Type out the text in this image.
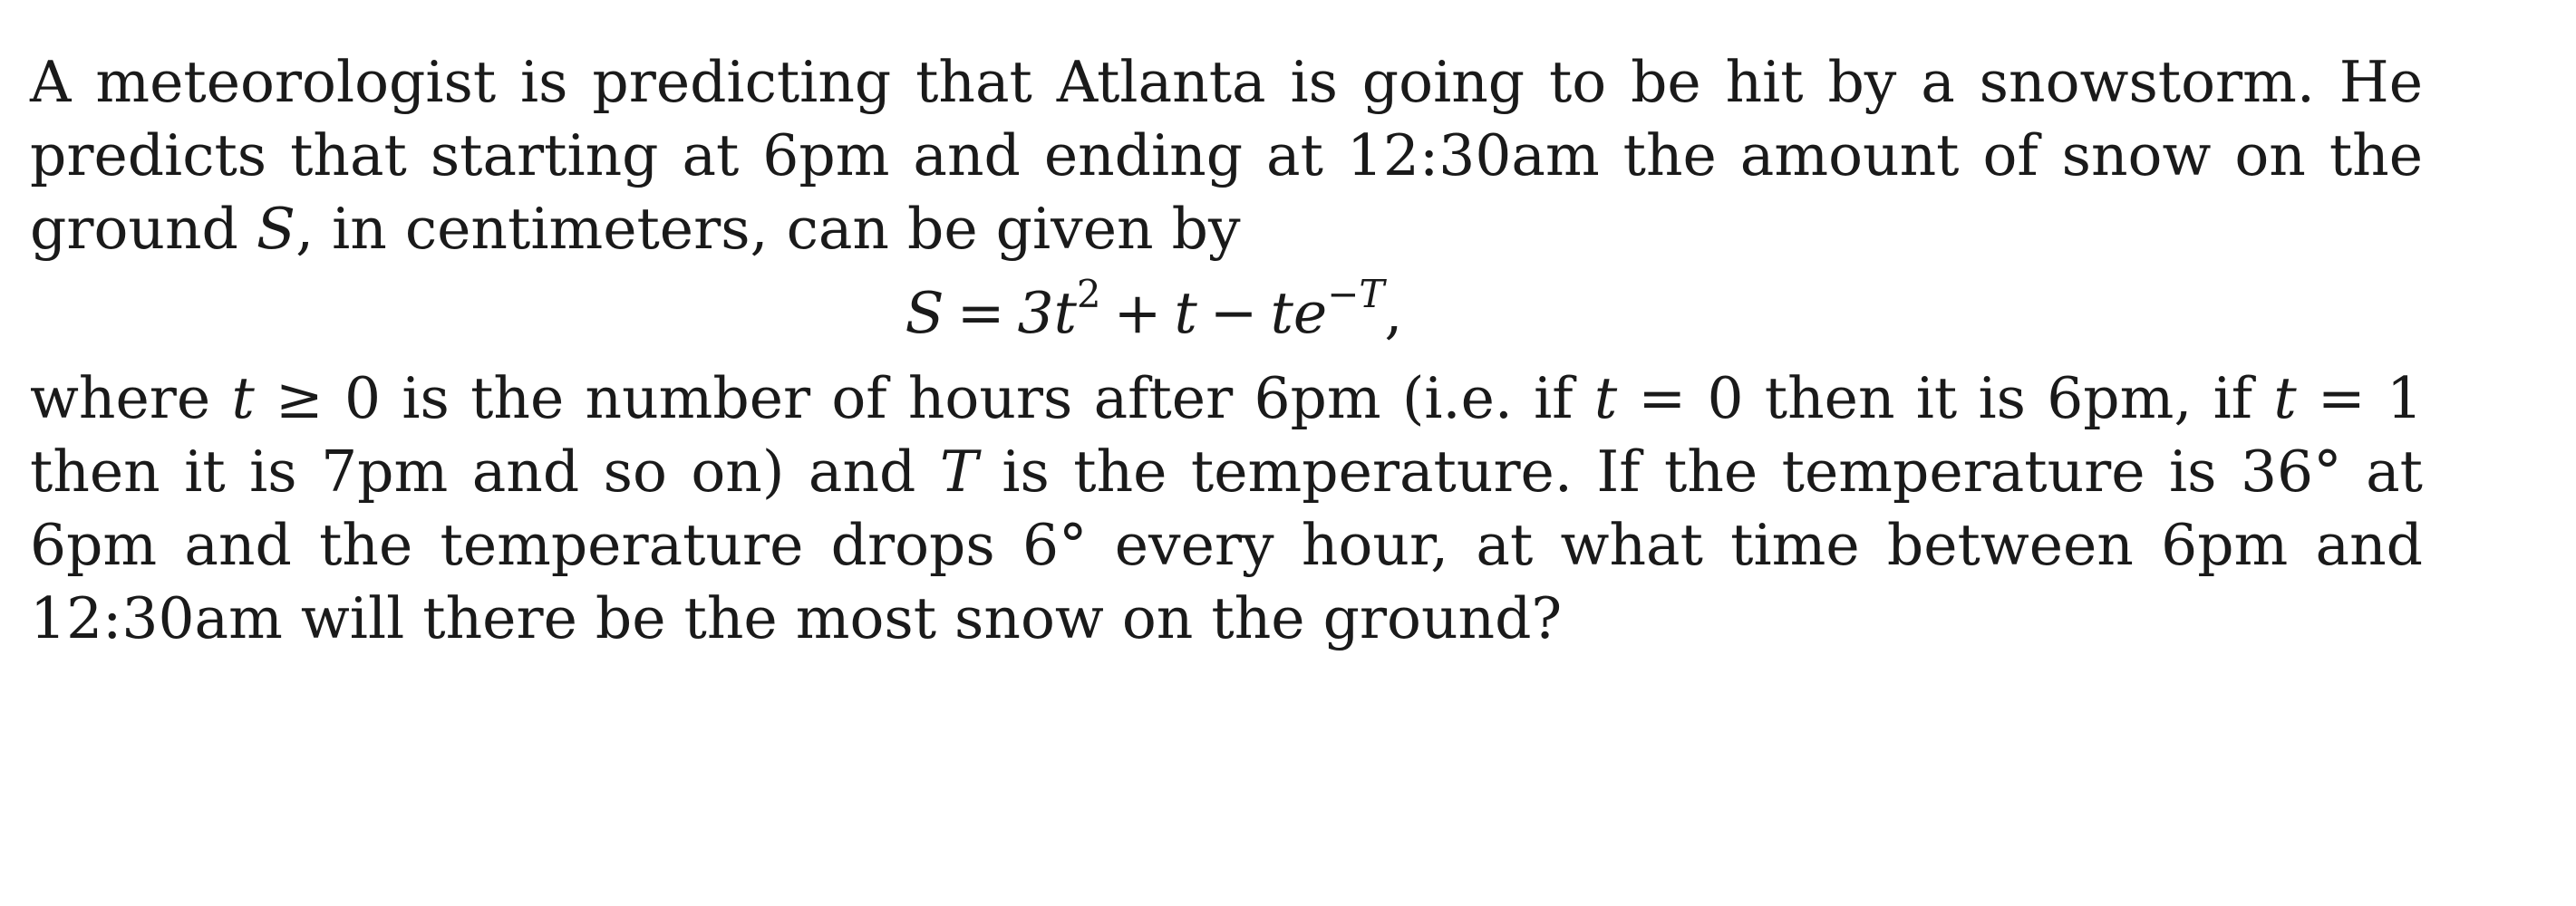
A meteorologist is predicting that Atlanta is going to be hit by a snowstorm. He predicts that starting at 6pm and ending at 12:30am the amount of snow on the ground S, in centimeters, can be given by

$S = 3t^2 + t - te^{-T}$,

where t ≥ 0 is the number of hours after 6pm (i.e. if t = 0 then it is 6pm, if t = 1 then it is 7pm and so on) and T is the temperature. If the temperature is 36° at 6pm and the temperature drops 6° every hour, at what time between 6pm and 12:30am will there be the most snow on the ground?
